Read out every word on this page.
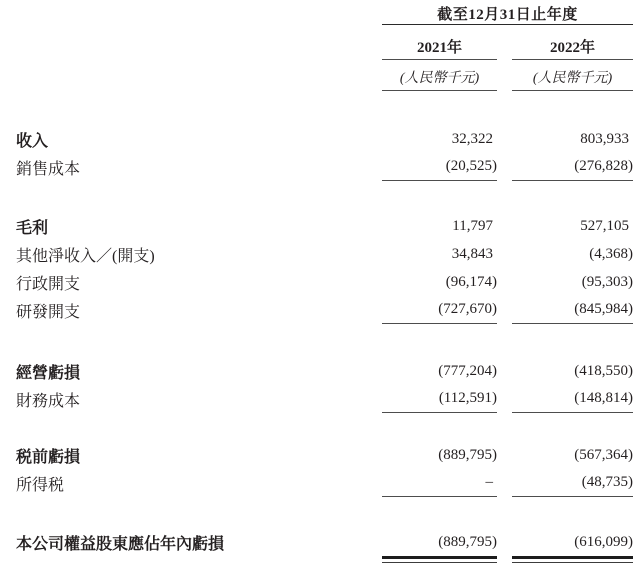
截至12月31日止年度
2021年	2022年
(人民幣千元)	(人民幣千元)
收入	32,322	803,933
銷售成本	(20,525)	(276,828)
毛利	11,797	527,105
其他淨收入／(開支)	34,843	(4,368)
行政開支	(96,174)	(95,303)
研發開支	(727,670)	(845,984)
經營虧損	(777,204)	(418,550)
財務成本	(112,591)	(148,814)
税前虧損	(889,795)	(567,364)
所得税	–	(48,735)
本公司權益股東應佔年內虧損	(889,795)	(616,099)
